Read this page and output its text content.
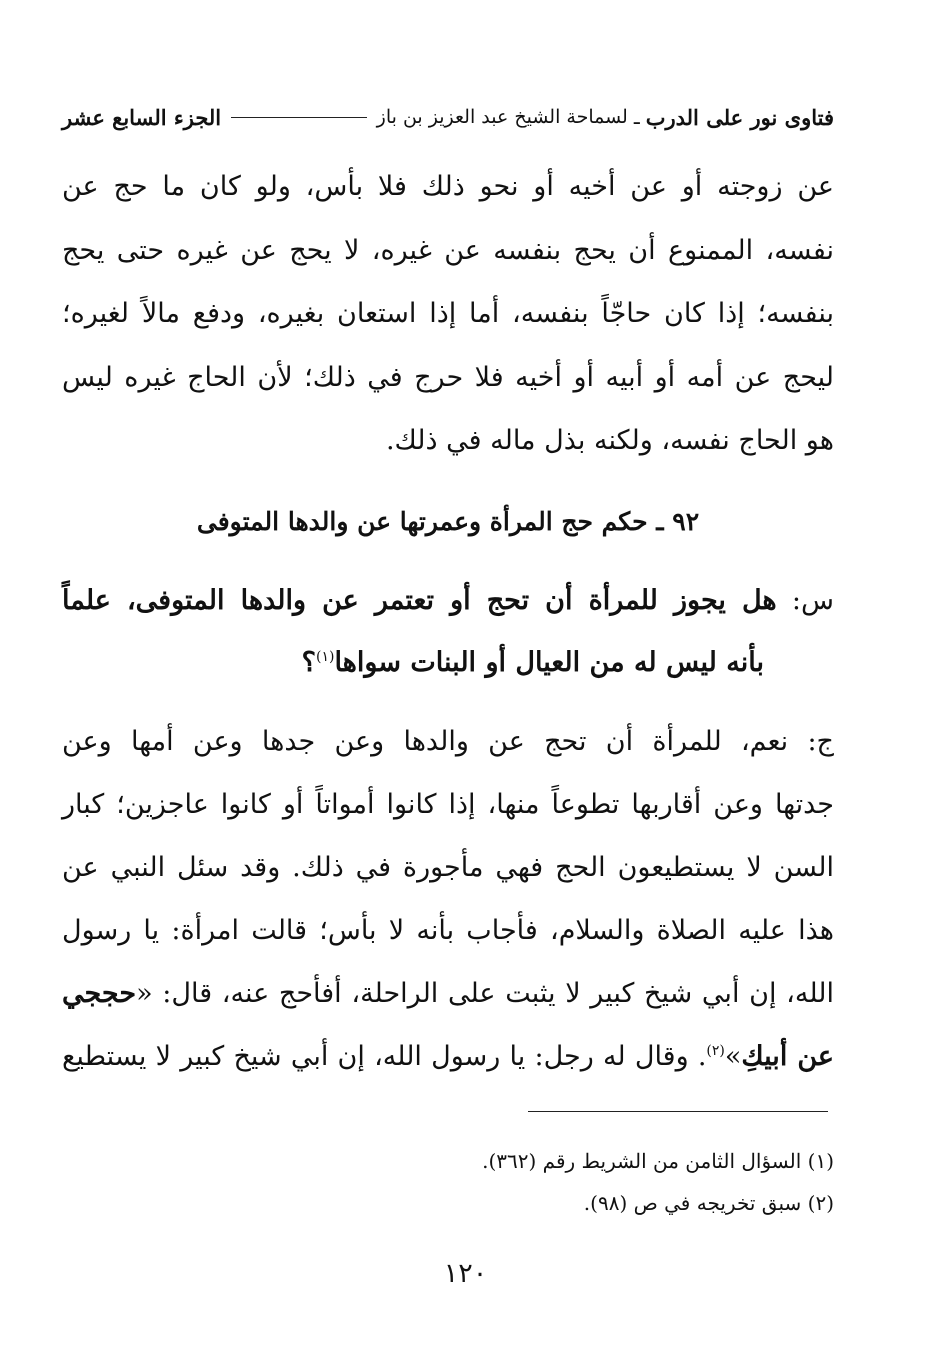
فتاوى نور على الدرب
ـ
لسماحة الشيخ عبد العزيز بن باز
الجزء السابع عشر
عن زوجته أو عن أخيه أو نحو ذلك فلا بأس، ولو كان ما حج عن
نفسه، الممنوع أن يحج بنفسه عن غيره، لا يحج عن غيره حتى يحج
بنفسه؛ إذا كان حاجّاً بنفسه، أما إذا استعان بغيره، ودفع مالاً لغيره؛
ليحج عن أمه أو أبيه أو أخيه فلا حرج في ذلك؛ لأن الحاج غيره ليس
هو الحاج نفسه، ولكنه بذل ماله في ذلك.
٩٢ ـ حكم حج المرأة وعمرتها عن والدها المتوفى
س: هل يجوز للمرأة أن تحج أو تعتمر عن والدها المتوفى، علماً
بأنه ليس له من العيال أو البنات سواها$^{(١)}$؟
ج: نعم، للمرأة أن تحج عن والدها وعن جدها وعن أمها وعن
جدتها وعن أقاربها تطوعاً منها، إذا كانوا أمواتاً أو كانوا عاجزين؛ كبار
السن لا يستطيعون الحج فهي مأجورة في ذلك. وقد سئل النبي عن
هذا عليه الصلاة والسلام، فأجاب بأنه لا بأس؛ قالت امرأة: يا رسول
الله، إن أبي شيخ كبير لا يثبت على الراحلة، أفأحج عنه، قال: «حججي
عن أبيكِ»$^{(٢)}$. وقال له رجل: يا رسول الله، إن أبي شيخ كبير لا يستطيع
(١) السؤال الثامن من الشريط رقم (٣٦٢).
(٢) سبق تخريجه في ص (٩٨).
١٢٠
